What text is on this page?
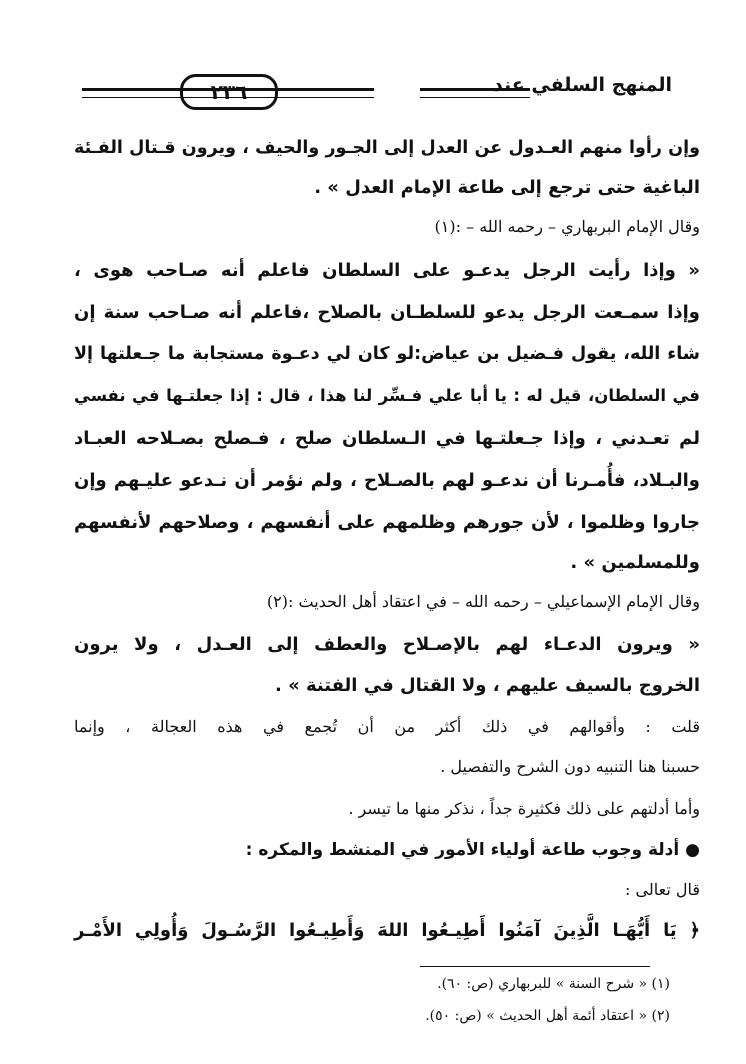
المنهج السلفي عند
٢٣٦
وإن رأوا منهم العـدول عن العدل إلى الجـور والحيف ، ويرون قـتال الفـئة
الباغية حتى ترجع إلى طاعة الإمام العدل » .
وقال الإمام البربهاري – رحمه الله – :(١)
« وإذا رأيت الرجل يدعـو على السلطان فاعلم أنه صـاحب هوى ،
وإذا سمـعت الرجل يدعو للسلطـان بالصلاح ،فاعلم أنه صـاحب سنة إن
شاء الله، يقول فـضيل بن عياض:لو كان لي دعـوة مستجابة ما جـعلتها إلا
في السلطان، قيل له : يا أبا علي فـسِّر لنا هذا ، قال : إذا جعلتـها في نفسي
لم تعـدني ، وإذا جـعلتـها في الـسلطان صلح ، فـصلح بصـلاحه العبـاد
والبـلاد، فأُمـرنا أن ندعـو لهم بالصـلاح ، ولم نؤمر أن نـدعو عليـهم وإن
جاروا وظلموا ، لأن جورهم وظلمهم على أنفسهم ، وصلاحهم لأنفسهم
وللمسلمين » .
وقال الإمام الإسماعيلي – رحمه الله – في اعتقاد أهل الحديث :(٢)
« ويرون الدعـاء لهم بالإصـلاح والعطف إلى العـدل ، ولا يرون
الخروج بالسيف عليهم ، ولا القتال في الفتنة » .
قلت : وأقوالهم في ذلك أكثر من أن تُجمع في هذه العجالة ، وإنما
حسبنا هنا التنبيه دون الشرح والتفصيل .
وأما أدلتهم على ذلك فكثيرة جداً ، نذكر منها ما تيسر .
● أدلة وجوب طاعة أولياء الأمور في المنشط والمكره :
قال تعالى :
﴿ يَا أَيُّهَـا الَّذِينَ آمَنُوا أَطِيـعُوا اللهَ وَأَطِيـعُوا الرَّسُـولَ وَأُولِي الأَمْـر
(١) « شرح السنة » للبربهاري (ص: ٦٠).
(٢) « اعتقاد أئمة أهل الحديث » (ص: ٥٠).
